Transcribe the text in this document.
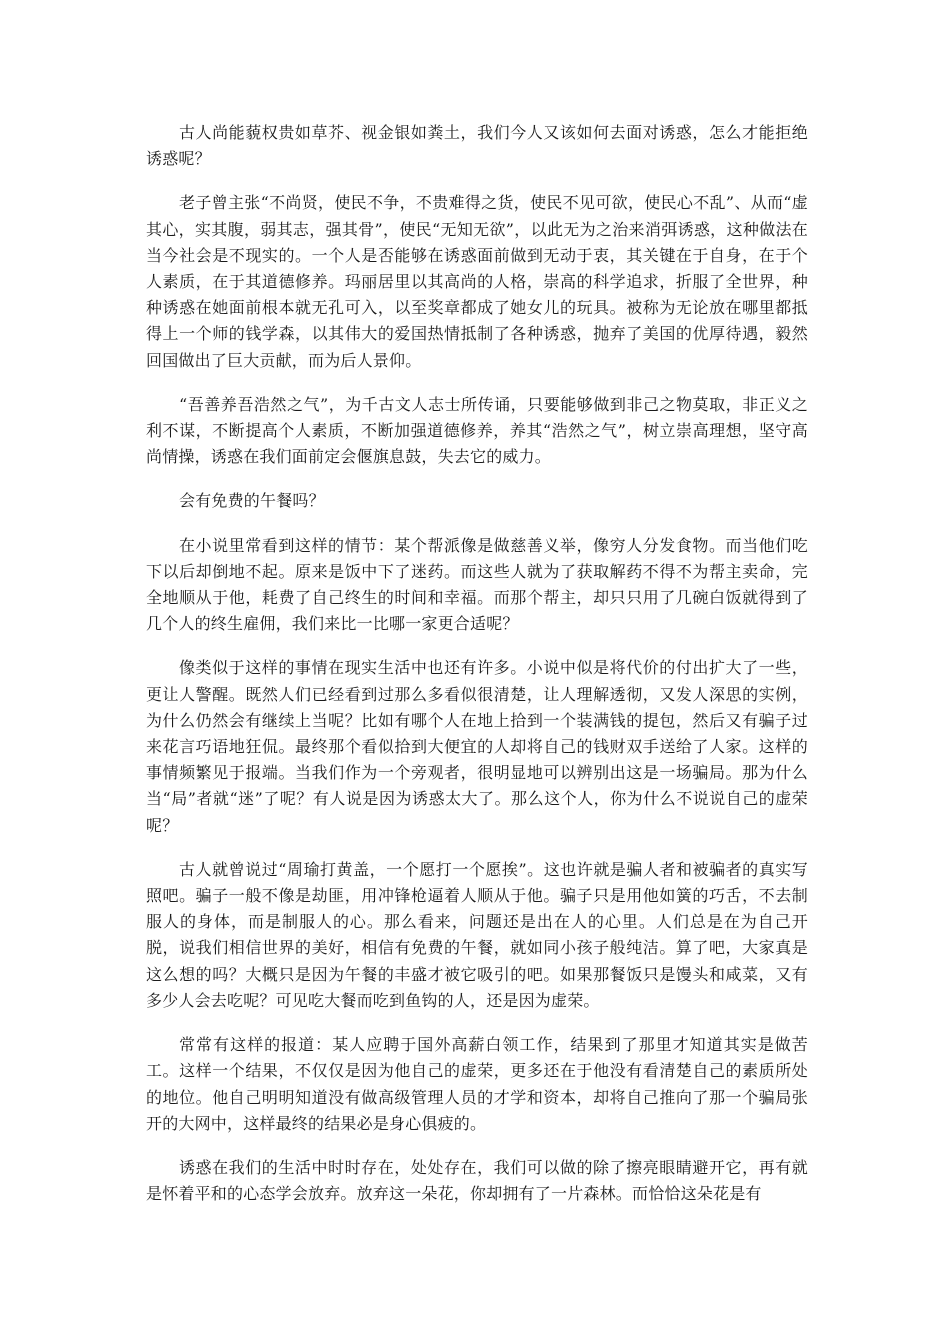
古人尚能藐权贵如草芥、视金银如粪土，我们今人又该如何去面对诱惑，怎么才能拒绝诱惑呢？

老子曾主张“不尚贤，使民不争，不贵难得之货，使民不见可欲，使民心不乱”、从而“虚其心，实其腹，弱其志，强其骨”，使民“无知无欲”，以此无为之治来消弭诱惑，这种做法在当今社会是不现实的。一个人是否能够在诱惑面前做到无动于衷，其关键在于自身，在于个人素质，在于其道德修养。玛丽居里以其高尚的人格，崇高的科学追求，折服了全世界，种种诱惑在她面前根本就无孔可入，以至奖章都成了她女儿的玩具。被称为无论放在哪里都抵得上一个师的钱学森，以其伟大的爱国热情抵制了各种诱惑，抛弃了美国的优厚待遇，毅然回国做出了巨大贡献，而为后人景仰。

“吾善养吾浩然之气”，为千古文人志士所传诵，只要能够做到非己之物莫取，非正义之利不谋，不断提高个人素质，不断加强道德修养，养其“浩然之气”，树立崇高理想，坚守高尚情操，诱惑在我们面前定会偃旗息鼓，失去它的威力。

会有免费的午餐吗？

在小说里常看到这样的情节：某个帮派像是做慈善义举，像穷人分发食物。而当他们吃下以后却倒地不起。原来是饭中下了迷药。而这些人就为了获取解药不得不为帮主卖命，完全地顺从于他，耗费了自己终生的时间和幸福。而那个帮主，却只只用了几碗白饭就得到了几个人的终生雇佣，我们来比一比哪一家更合适呢？

像类似于这样的事情在现实生活中也还有许多。小说中似是将代价的付出扩大了一些，更让人警醒。既然人们已经看到过那么多看似很清楚，让人理解透彻，又发人深思的实例，为什么仍然会有继续上当呢？比如有哪个人在地上拾到一个装满钱的提包，然后又有骗子过来花言巧语地狂侃。最终那个看似拾到大便宜的人却将自己的钱财双手送给了人家。这样的事情频繁见于报端。当我们作为一个旁观者，很明显地可以辨别出这是一场骗局。那为什么当“局”者就“迷”了呢？有人说是因为诱惑太大了。那么这个人，你为什么不说说自己的虚荣呢？

古人就曾说过“周瑜打黄盖，一个愿打一个愿挨”。这也许就是骗人者和被骗者的真实写照吧。骗子一般不像是劫匪，用冲锋枪逼着人顺从于他。骗子只是用他如簧的巧舌，不去制服人的身体，而是制服人的心。那么看来，问题还是出在人的心里。人们总是在为自己开脱，说我们相信世界的美好，相信有免费的午餐，就如同小孩子般纯洁。算了吧，大家真是这么想的吗？大概只是因为午餐的丰盛才被它吸引的吧。如果那餐饭只是馒头和咸菜，又有多少人会去吃呢？可见吃大餐而吃到鱼钩的人，还是因为虚荣。

常常有这样的报道：某人应聘于国外高薪白领工作，结果到了那里才知道其实是做苦工。这样一个结果，不仅仅是因为他自己的虚荣，更多还在于他没有看清楚自己的素质所处的地位。他自己明明知道没有做高级管理人员的才学和资本，却将自己推向了那一个骗局张开的大网中，这样最终的结果必是身心俱疲的。

诱惑在我们的生活中时时存在，处处存在，我们可以做的除了擦亮眼睛避开它，再有就是怀着平和的心态学会放弃。放弃这一朵花，你却拥有了一片森林。而恰恰这朵花是有
